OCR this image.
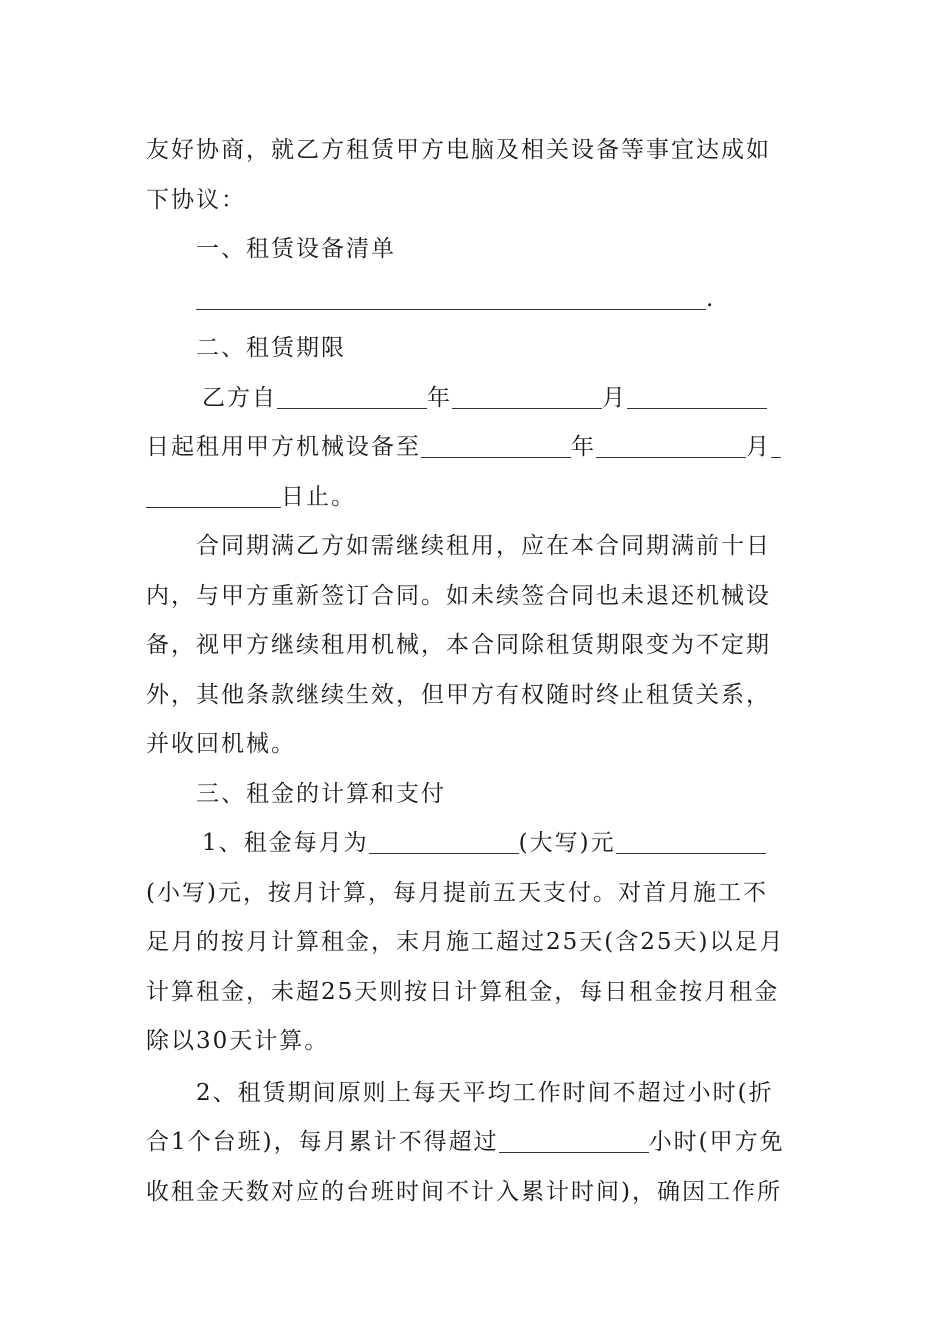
友好协商，就乙方租赁甲方电脑及相关设备等事宜达成如
下协议：
一、租赁设备清单
.
二、租赁期限
乙方自	年	月
日起租用甲方机械设备至	年	月
日止。
合同期满乙方如需继续租用，应在本合同期满前十日
内，与甲方重新签订合同。如未续签合同也未退还机械设
备，视甲方继续租用机械，本合同除租赁期限变为不定期
外，其他条款继续生效，但甲方有权随时终止租赁关系，
并收回机械。
三、租金的计算和支付
1、租金每月为	(大写)元
(小写)元，按月计算，每月提前五天支付。对首月施工不
足月的按月计算租金，末月施工超过25天(含25天)以足月
计算租金，未超25天则按日计算租金，每日租金按月租金
除以30天计算。
2、租赁期间原则上每天平均工作时间不超过小时(折
合1个台班)，每月累计不得超过	小时(甲方免
收租金天数对应的台班时间不计入累计时间)，确因工作所
